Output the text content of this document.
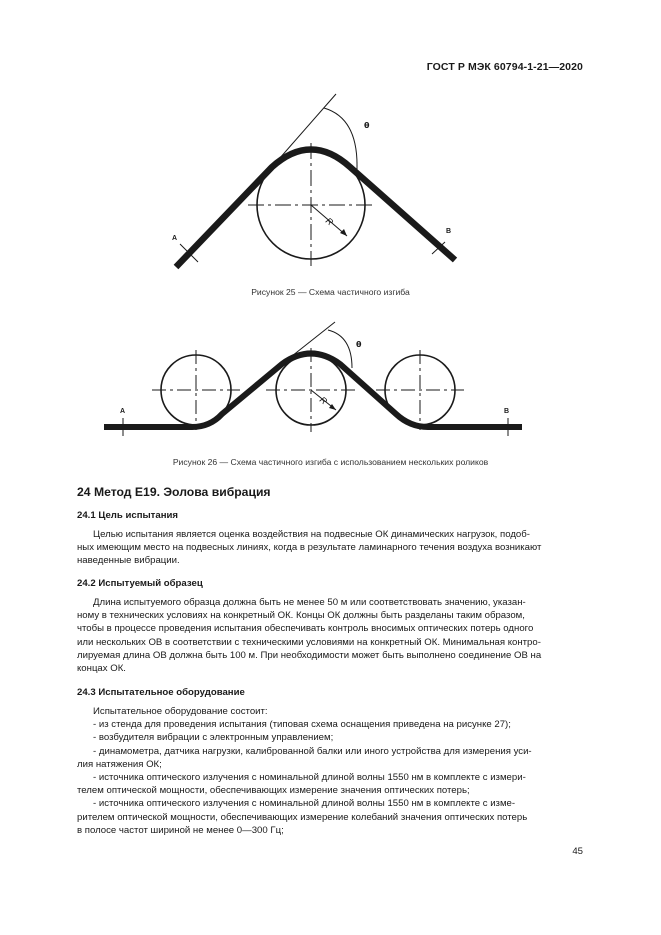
ГОСТ Р МЭК 60794-1-21—2020
A
B
θ
R
Рисунок 25 — Схема частичного изгиба
A	B
θ
R
Рисунок 26 — Схема частичного изгиба с использованием нескольких роликов
24 Метод E19. Эолова вибрация
24.1 Цель испытания
Целью испытания является оценка воздействия на подвесные ОК динамических нагрузок, подоб-
ных имеющим место на подвесных линиях, когда в результате ламинарного течения воздуха возникают
наведенные вибрации.
24.2 Испытуемый образец
Длина испытуемого образца должна быть не менее 50 м или соответствовать значению, указан-
ному в технических условиях на конкретный ОК. Концы ОК должны быть разделаны таким образом,
чтобы в процессе проведения испытания обеспечивать контроль вносимых оптических потерь одного
или нескольких ОВ в соответствии с техническими условиями на конкретный ОК. Минимальная контро-
лируемая длина ОВ должна быть 100 м. При необходимости может быть выполнено соединение ОВ на
концах ОК.
24.3 Испытательное оборудование
Испытательное оборудование состоит:
- из стенда для проведения испытания (типовая схема оснащения приведена на рисунке 27);
- возбудителя вибрации с электронным управлением;
- динамометра, датчика нагрузки, калиброванной балки или иного устройства для измерения уси-
лия натяжения ОК;
- источника оптического излучения с номинальной длиной волны 1550 нм в комплекте с измери-
телем оптической мощности, обеспечивающих измерение значения оптических потерь;
- источника оптического излучения с номинальной длиной волны 1550 нм в комплекте с изме-
рителем оптической мощности, обеспечивающих измерение колебаний значения оптических потерь
в полосе частот шириной не менее 0—300 Гц;
45
